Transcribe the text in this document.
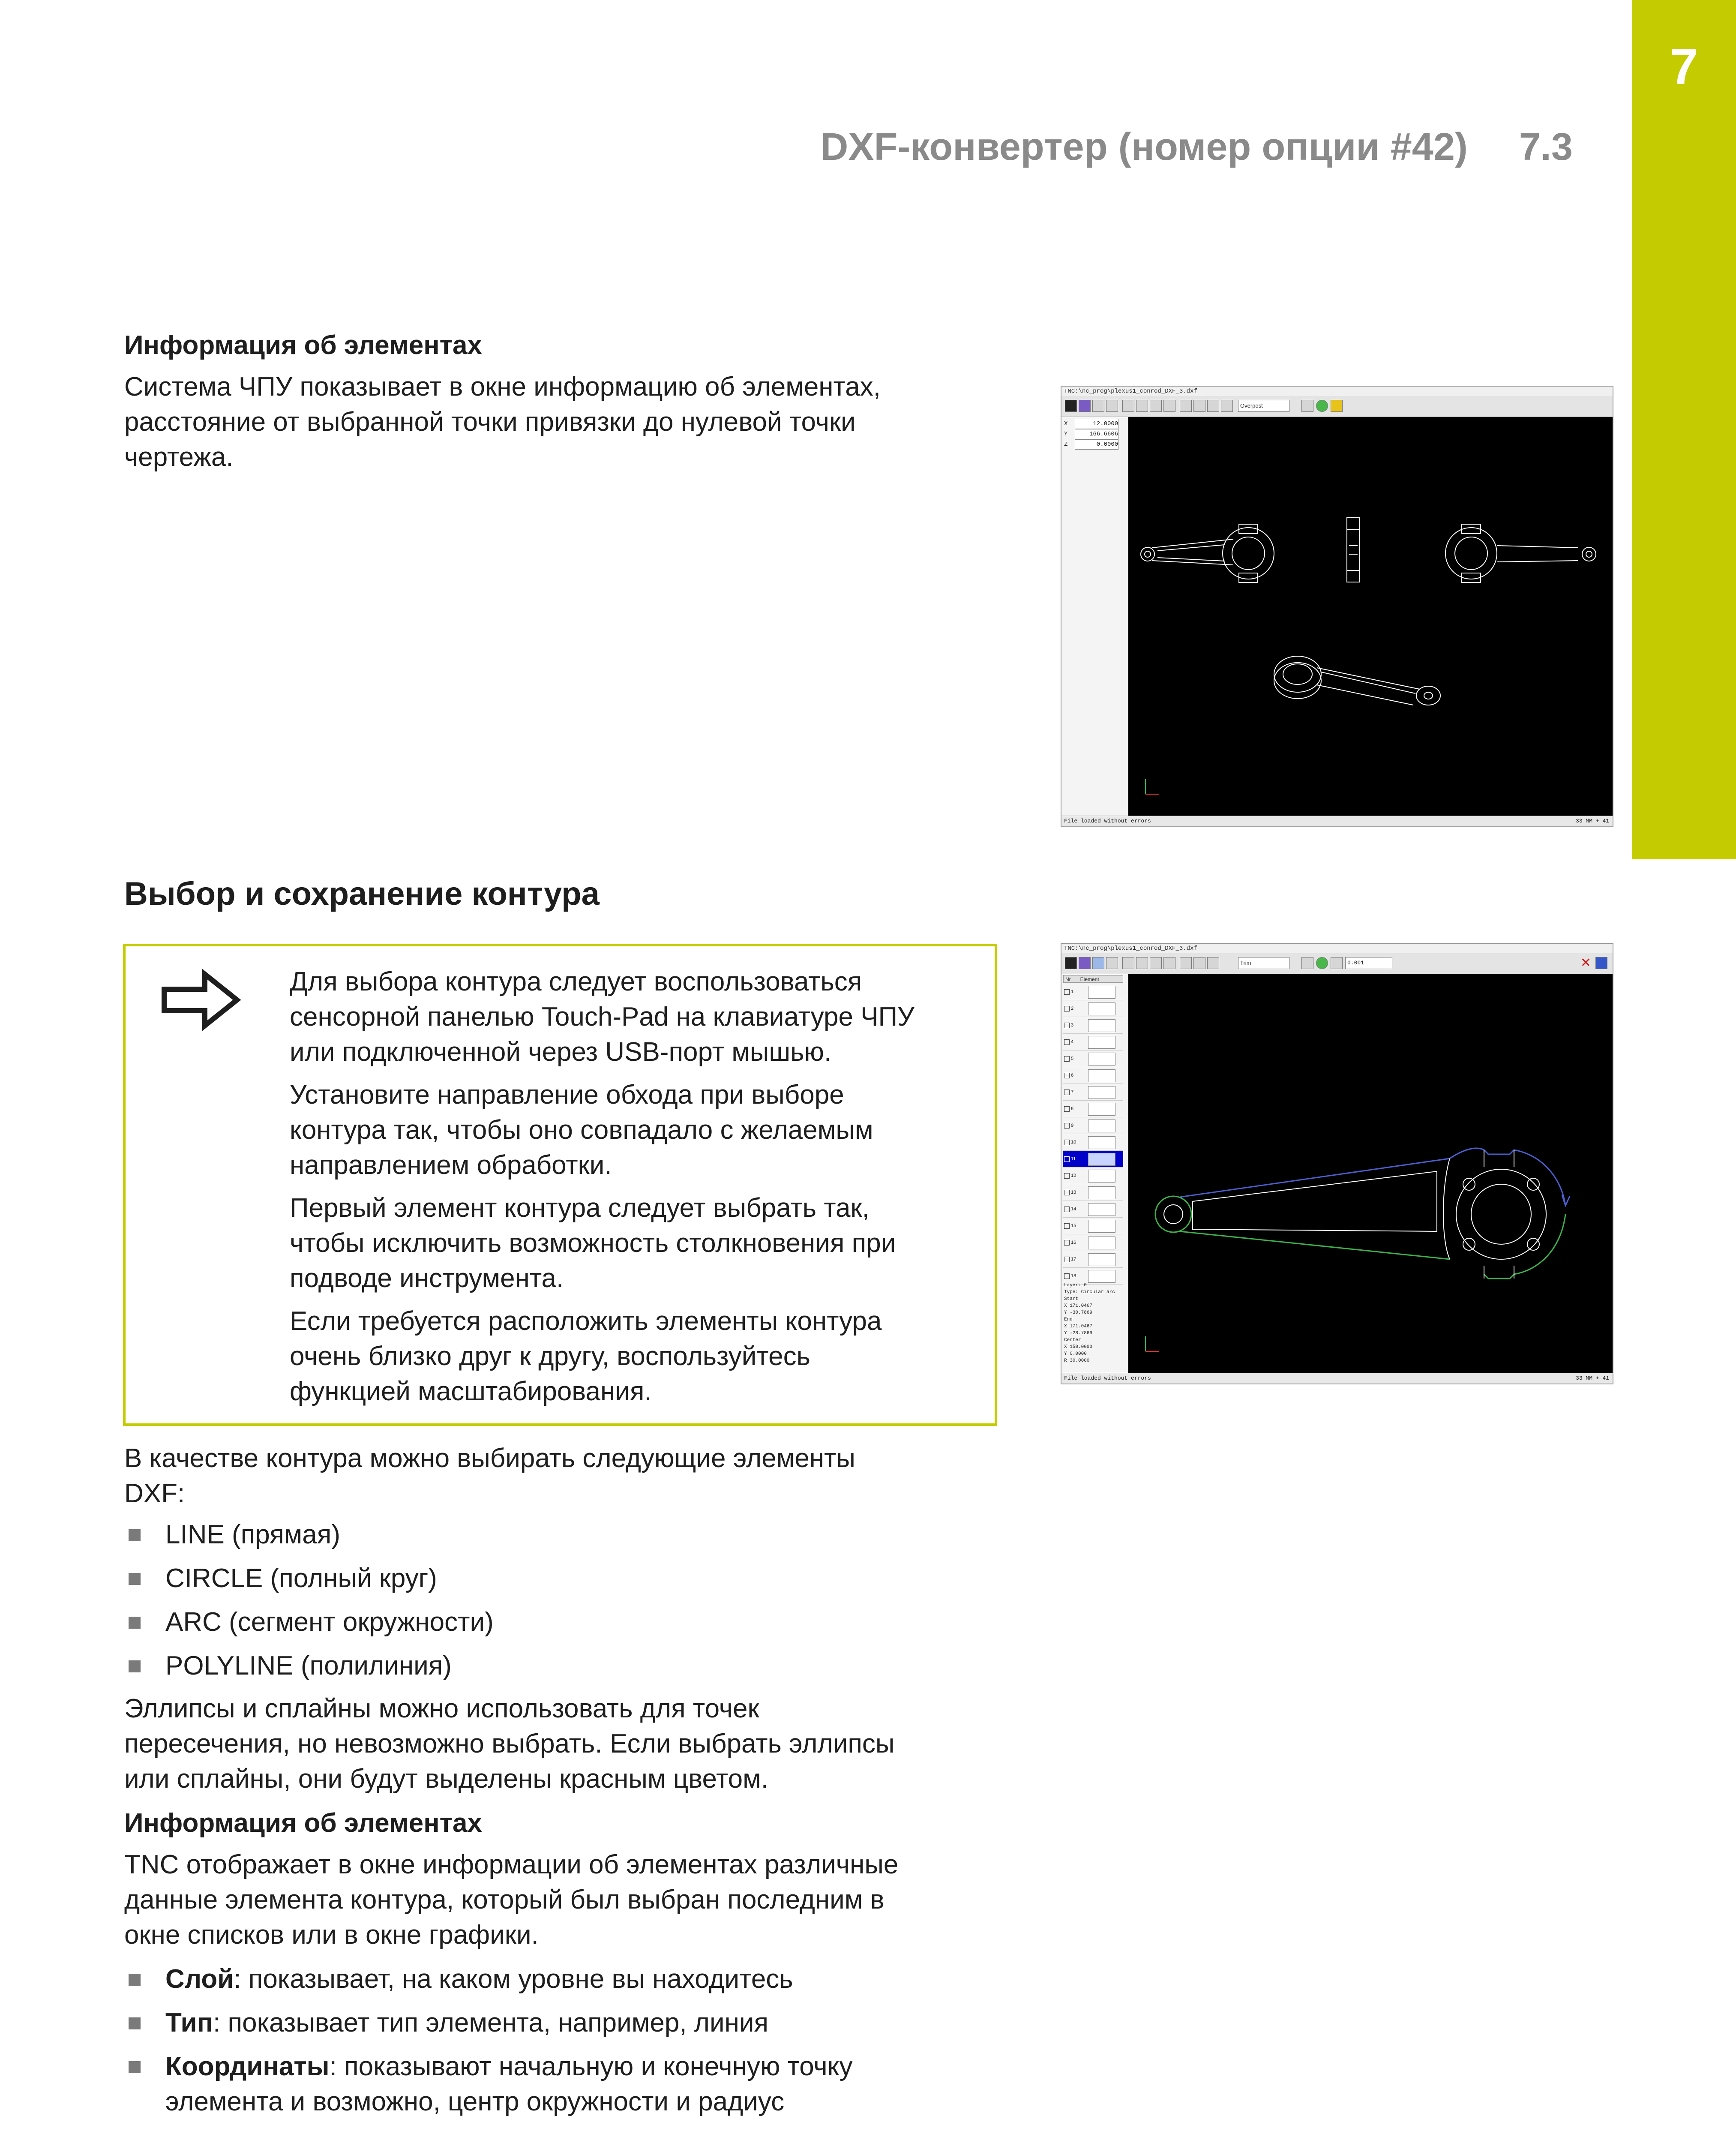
7
DXF-конвертер (номер опции #42) 7.3
Информация об элементах
Система ЧПУ показывает в окне информацию об элементах,
расстояние от выбранной точки привязки до нулевой точки
чертежа.
TNC:\nc_prog\plexus1_conrod_DXF_3.dxf
Overpost
X	12.0000
Y	166.6606
Z	0.0000
File loaded without errors	33 MM + 41
Выбор и сохранение контура
Для выбора контура следует воспользоваться
сенсорной панелью Touch-Pad на клавиатуре ЧПУ
или подключенной через USB-порт мышью.
Установите направление обхода при выборе
контура так, чтобы оно совпадало с желаемым
направлением обработки.
Первый элемент контура следует выбрать так,
чтобы исключить возможность столкновения при
подводе инструмента.
Если требуется расположить элементы контура
очень близко друг к другу, воспользуйтесь
функцией масштабирования.
TNC:\nc_prog\plexus1_conrod_DXF_3.dxf
Trim	0.001	✕
Nr Element
1
2
3
4
5
6
7
8
9
10
11
12
13
14
15
16
17
18
Layer: 0
Type: Circular arc
Start
X 171.0467
Y -30.7869
End
X 171.0467
Y -28.7869
Center
X 150.0000
Y 0.0000
R 30.0000
File loaded without errors	33 MM + 41
В качестве контура можно выбирать следующие элементы
DXF:
LINE (прямая)
CIRCLE (полный круг)
ARC (сегмент окружности)
POLYLINE (полилиния)
Эллипсы и сплайны можно использовать для точек
пересечения, но невозможно выбрать. Если выбрать эллипсы
или сплайны, они будут выделены красным цветом.
Информация об элементах
TNC отображает в окне информации об элементах различные
данные элемента контура, который был выбран последним в
окне списков или в окне графики.
Слой: показывает, на каком уровне вы находитесь
Тип: показывает тип элемента, например, линия
Координаты: показывают начальную и конечную точку
элемента и возможно, центр окружности и радиус
